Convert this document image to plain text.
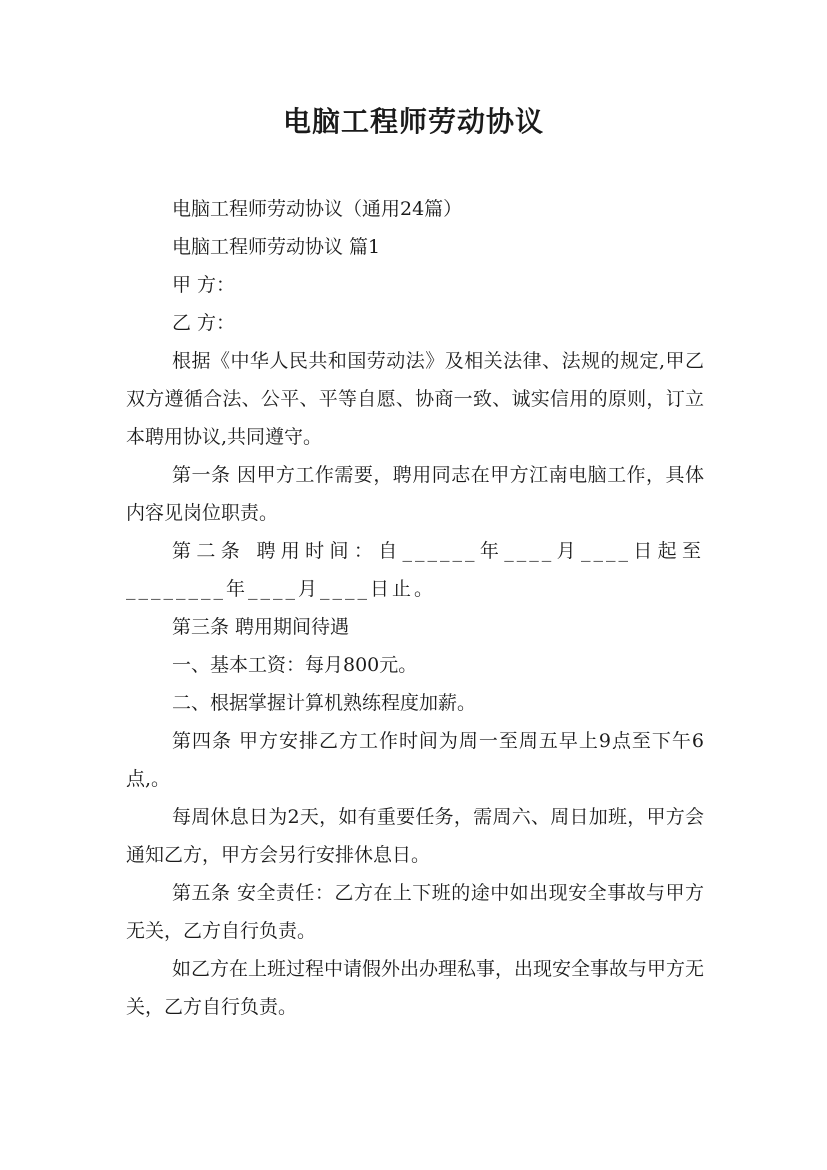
电脑工程师劳动协议

电脑工程师劳动协议（通用24篇）

电脑工程师劳动协议 篇1

甲 方：

乙 方：

根据《中华人民共和国劳动法》及相关法律、法规的规定,甲乙双方遵循合法、公平、平等自愿、协商一致、诚实信用的原则，订立本聘用协议,共同遵守。

第一条 因甲方工作需要，聘用同志在甲方江南电脑工作，具体内容见岗位职责。

第二条 聘用时间：自______年____月____日起至________年____月____日止。

第三条 聘用期间待遇

一、基本工资：每月800元。

二、根据掌握计算机熟练程度加薪。

第四条 甲方安排乙方工作时间为周一至周五早上9点至下午6点,。

每周休息日为2天，如有重要任务，需周六、周日加班，甲方会通知乙方，甲方会另行安排休息日。

第五条 安全责任：乙方在上下班的途中如出现安全事故与甲方无关，乙方自行负责。

如乙方在上班过程中请假外出办理私事，出现安全事故与甲方无关，乙方自行负责。
